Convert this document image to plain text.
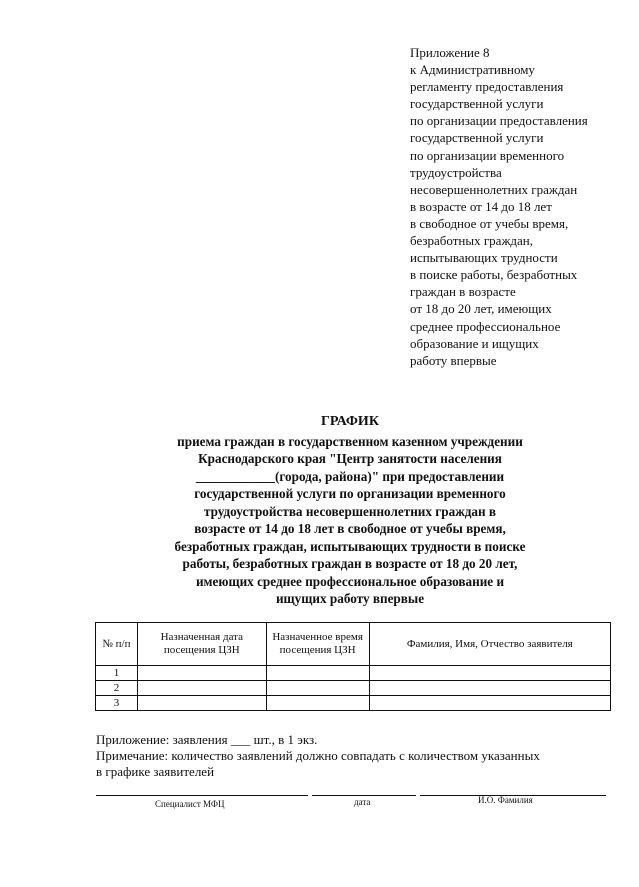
Приложение 8
к Административному
регламенту предоставления
государственной услуги
по организации предоставления
государственной услуги
по организации временного
трудоустройства
несовершеннолетних граждан
в возрасте от 14 до 18 лет
в свободное от учебы время,
безработных граждан,
испытывающих трудности
в поиске работы, безработных
граждан в возрасте
от 18 до 20 лет, имеющих
среднее профессиональное
образование и ищущих
работу впервые
ГРАФИК
приема граждан в государственном казенном учреждении
Краснодарского края "Центр занятости населения
____________(города, района)" при предоставлении
государственной услуги по организации временного
трудоустройства несовершеннолетних граждан в
возрасте от 14 до 18 лет в свободное от учебы время,
безработных граждан, испытывающих трудности в поиске
работы, безработных граждан в возрасте от 18 до 20 лет,
имеющих среднее профессиональное образование и
ищущих работу впервые
№ п/п	Назначенная дата посещения ЦЗН	Назначенное время посещения ЦЗН	Фамилия, Имя, Отчество заявителя
1			
2			
3			
Приложение: заявления ___ шт., в 1 экз.
Примечание: количество заявлений должно совпадать с количеством указанных
в графике заявителей
Специалист МФЦ	дата	И.О. Фамилия
